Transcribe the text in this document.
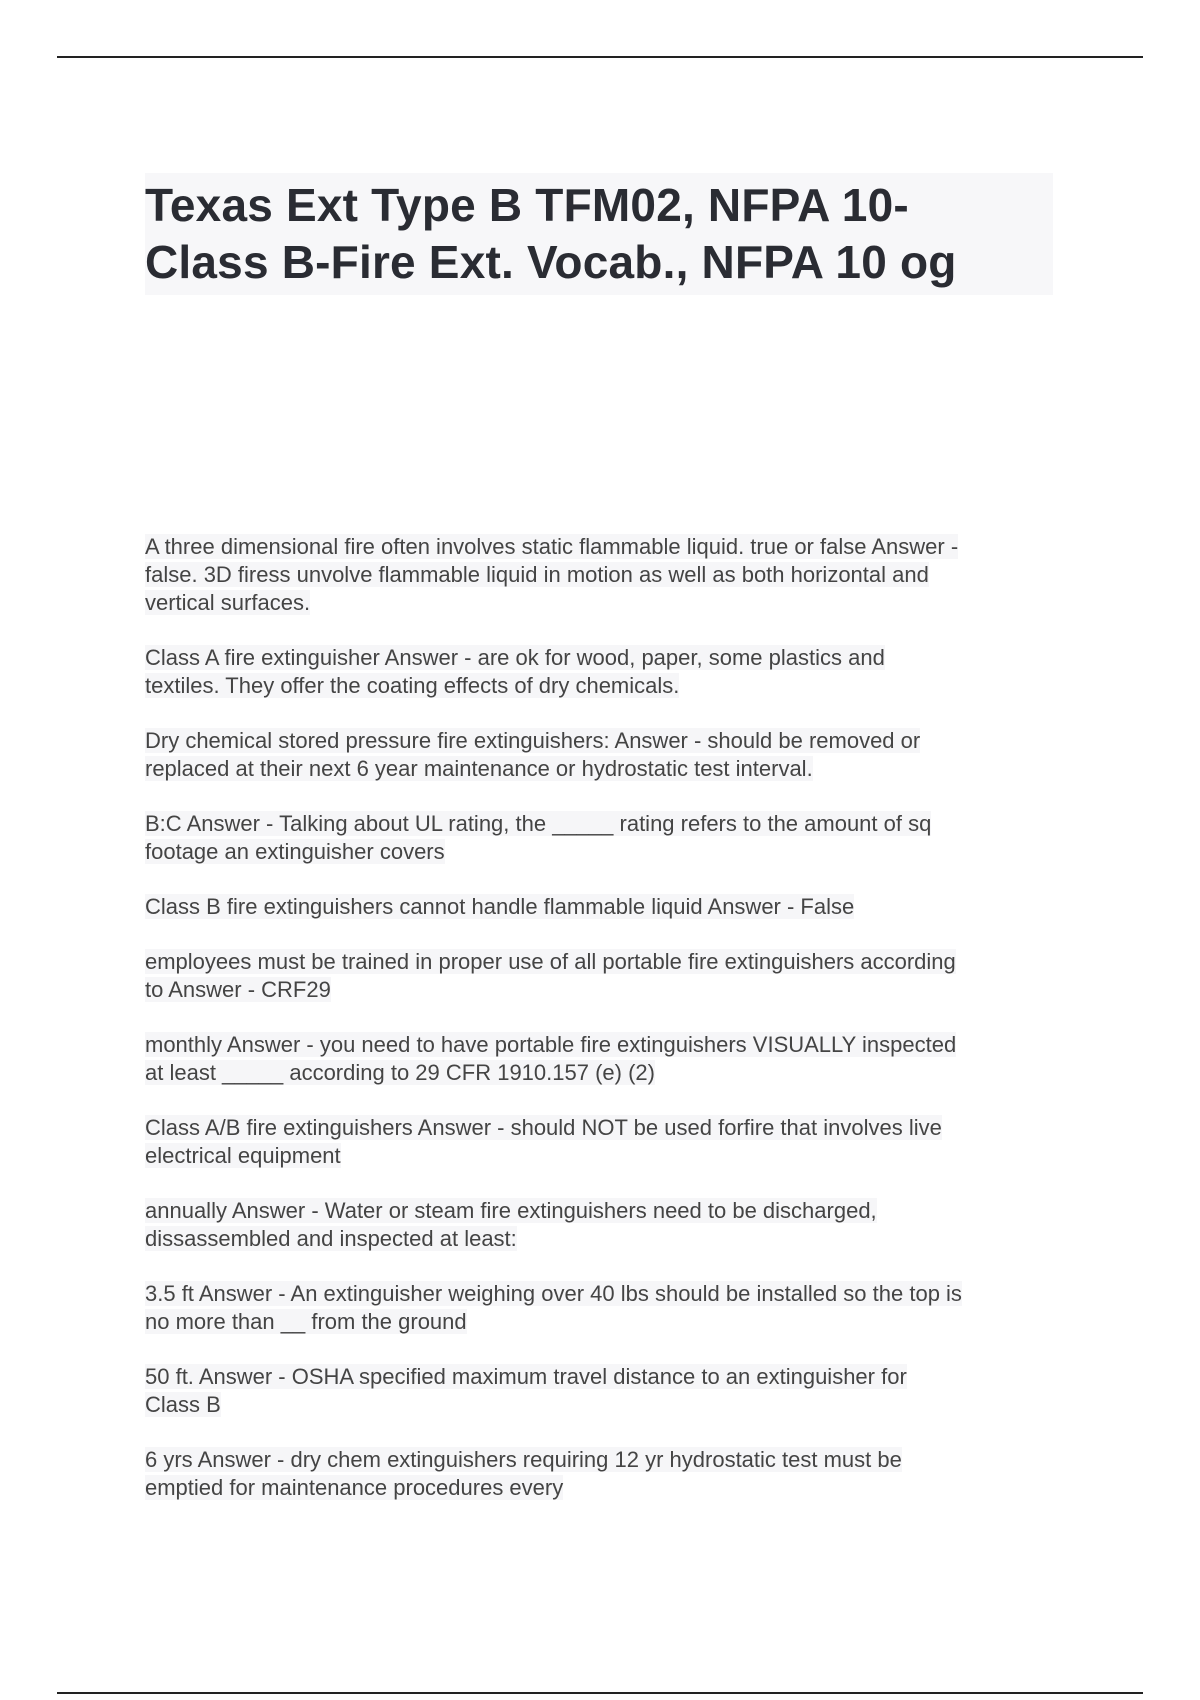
Texas Ext Type B TFM02, NFPA 10-
Class B-Fire Ext. Vocab., NFPA 10 og
A three dimensional fire often involves static flammable liquid. true or false Answer -
false. 3D firess unvolve flammable liquid in motion as well as both horizontal and
vertical surfaces.
Class A fire extinguisher Answer - are ok for wood, paper, some plastics and
textiles. They offer the coating effects of dry chemicals.
Dry chemical stored pressure fire extinguishers: Answer - should be removed or
replaced at their next 6 year maintenance or hydrostatic test interval.
B:C Answer - Talking about UL rating, the _____ rating refers to the amount of sq
footage an extinguisher covers
Class B fire extinguishers cannot handle flammable liquid Answer - False
employees must be trained in proper use of all portable fire extinguishers according
to Answer - CRF29
monthly Answer - you need to have portable fire extinguishers VISUALLY inspected
at least _____ according to 29 CFR 1910.157 (e) (2)
Class A/B fire extinguishers Answer - should NOT be used forfire that involves live
electrical equipment
annually Answer - Water or steam fire extinguishers need to be discharged,
dissassembled and inspected at least:
3.5 ft Answer - An extinguisher weighing over 40 lbs should be installed so the top is
no more than __ from the ground
50 ft. Answer - OSHA specified maximum travel distance to an extinguisher for
Class B
6 yrs Answer - dry chem extinguishers requiring 12 yr hydrostatic test must be
emptied for maintenance procedures every
